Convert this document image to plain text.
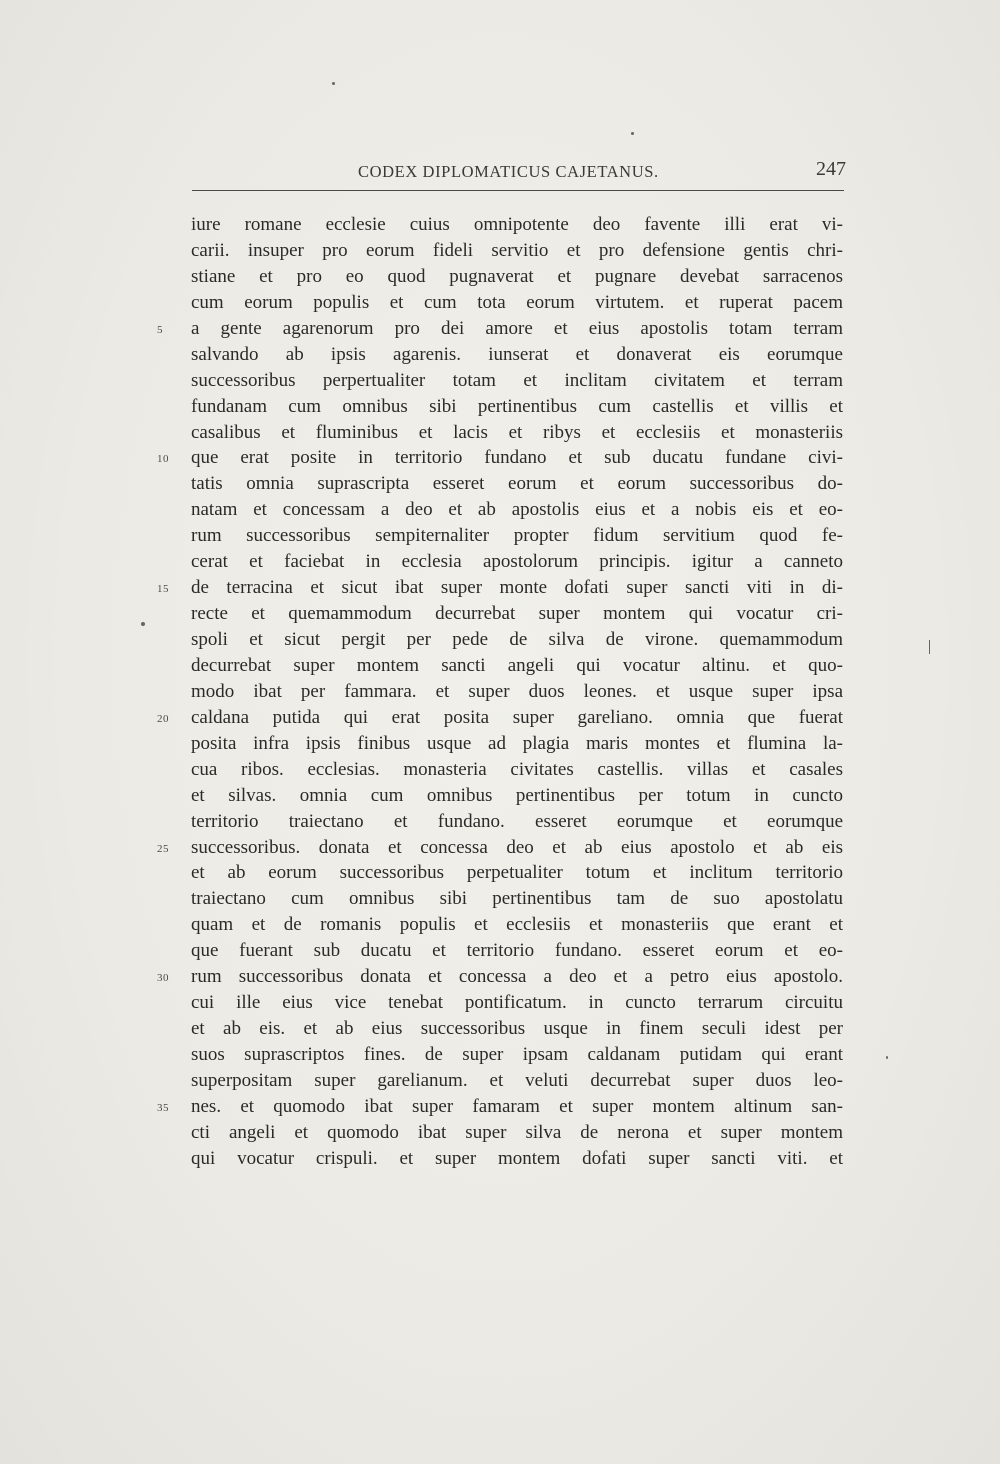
CODEX DIPLOMATICUS CAJETANUS.	247
iure romane ecclesie cuius omnipotente deo favente illi erat vi-
carii. insuper pro eorum fideli servitio et pro defensione gentis chri-
stiane et pro eo quod pugnaverat et pugnare devebat sarracenos
cum eorum populis et cum tota eorum virtutem. et ruperat pacem
5	a gente agarenorum pro dei amore et eius apostolis totam terram
salvando ab ipsis agarenis. iunserat et donaverat eis eorumque
successoribus perpertualiter totam et inclitam civitatem et terram
fundanam cum omnibus sibi pertinentibus cum castellis et villis et
casalibus et fluminibus et lacis et ribys et ecclesiis et monasteriis
10	que erat posite in territorio fundano et sub ducatu fundane civi-
tatis omnia suprascripta esseret eorum et eorum successoribus do-
natam et concessam a deo et ab apostolis eius et a nobis eis et eo-
rum successoribus sempiternaliter propter fidum servitium quod fe-
cerat et faciebat in ecclesia apostolorum principis. igitur a canneto
15	de terracina et sicut ibat super monte dofati super sancti viti in di-
recte et quemammodum decurrebat super montem qui vocatur cri-
spoli et sicut pergit per pede de silva de virone. quemammodum
decurrebat super montem sancti angeli qui vocatur altinu. et quo-
modo ibat per fammara. et super duos leones. et usque super ipsa
20	caldana putida qui erat posita super gareliano. omnia que fuerat
posita infra ipsis finibus usque ad plagia maris montes et flumina la-
cua ribos. ecclesias. monasteria civitates castellis. villas et casales
et silvas. omnia cum omnibus pertinentibus per totum in cuncto
territorio traiectano et fundano. esseret eorumque et eorumque
25	successoribus. donata et concessa deo et ab eius apostolo et ab eis
et ab eorum successoribus perpetualiter totum et inclitum territorio
traiectano cum omnibus sibi pertinentibus tam de suo apostolatu
quam et de romanis populis et ecclesiis et monasteriis que erant et
que fuerant sub ducatu et territorio fundano. esseret eorum et eo-
30	rum successoribus donata et concessa a deo et a petro eius apostolo.
cui ille eius vice tenebat pontificatum. in cuncto terrarum circuitu
et ab eis. et ab eius successoribus usque in finem seculi idest per
suos suprascriptos fines. de super ipsam caldanam putidam qui erant
superpositam super garelianum. et veluti decurrebat super duos leo-
35	nes. et quomodo ibat super famaram et super montem altinum san-
cti angeli et quomodo ibat super silva de nerona et super montem
qui vocatur crispuli. et super montem dofati super sancti viti. et
